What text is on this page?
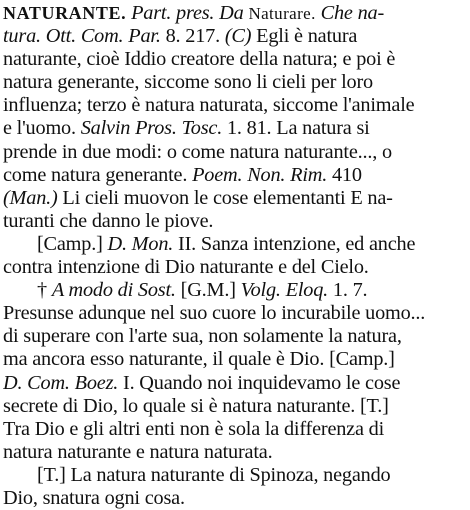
NATURANTE. Part. pres. Da Naturare. Che na-
tura. Ott. Com. Par. 8. 217. (C) Egli è natura
naturante, cioè Iddio creatore della natura; e poi è
natura generante, siccome sono li cieli per loro
influenza; terzo è natura naturata, siccome l'animale
e l'uomo. Salvin Pros. Tosc. 1. 81. La natura si
prende in due modi: o come natura naturante..., o
come natura generante. Poem. Non. Rim. 410
(Man.) Li cieli muovon le cose elementanti E na-
turanti che danno le piove.
[Camp.] D. Mon. II. Sanza intenzione, ed anche
contra intenzione di Dio naturante e del Cielo.
† A modo di Sost. [G.M.] Volg. Eloq. 1. 7.
Presunse adunque nel suo cuore lo incurabile uomo...
di superare con l'arte sua, non solamente la natura,
ma ancora esso naturante, il quale è Dio. [Camp.]
D. Com. Boez. I. Quando noi inquidevamo le cose
secrete di Dio, lo quale si è natura naturante. [T.]
Tra Dio e gli altri enti non è sola la differenza di
natura naturante e natura naturata.
[T.] La natura naturante di Spinoza, negando
Dio, snatura ogni cosa.
